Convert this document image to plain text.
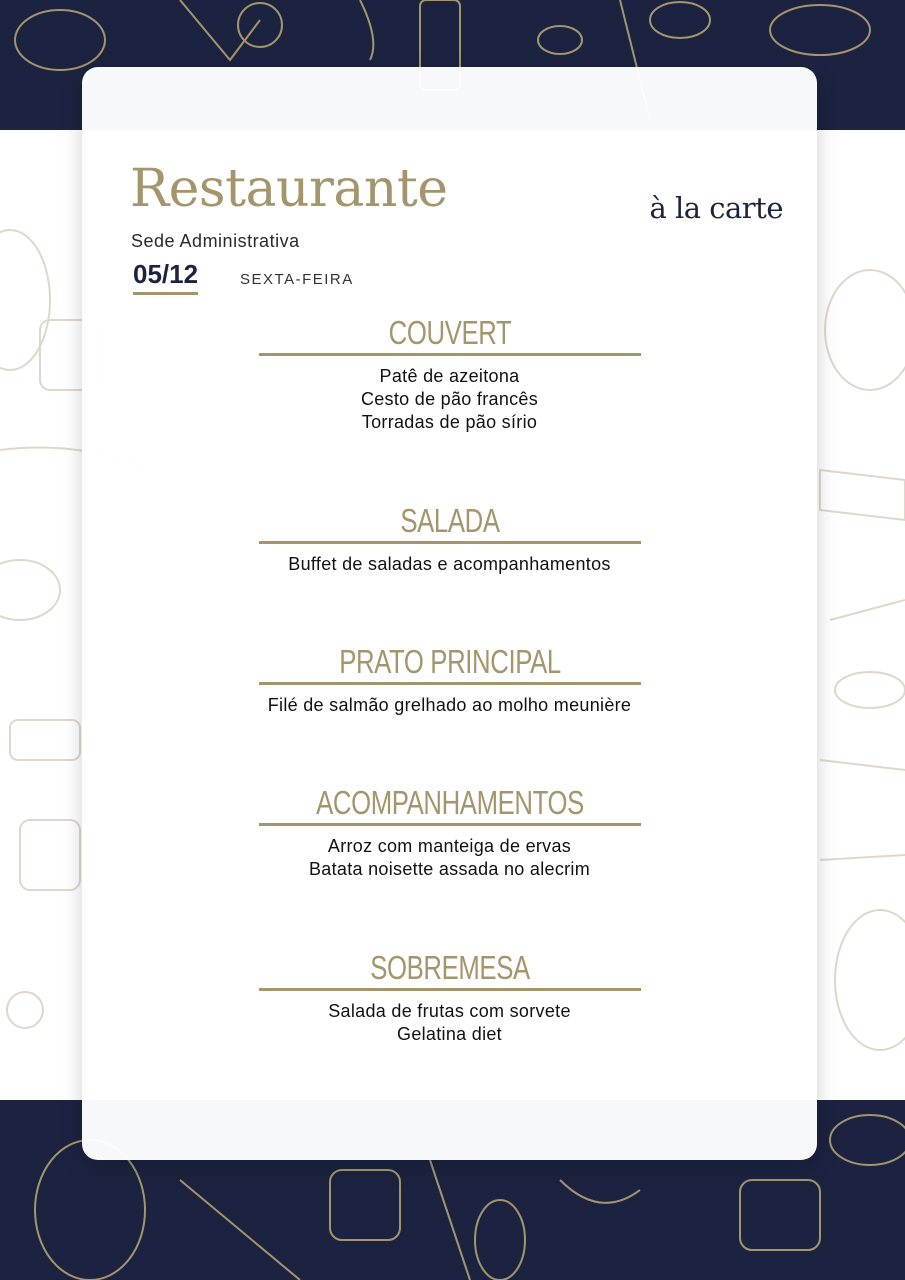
Restaurante
Sede Administrativa
05/12	SEXTA-FEIRA
à la carte
COUVERT
Patê de azeitona
Cesto de pão francês
Torradas de pão sírio
SALADA
Buffet de saladas e acompanhamentos
PRATO PRINCIPAL
Filé de salmão grelhado ao molho meunière
ACOMPANHAMENTOS
Arroz com manteiga de ervas
Batata noisette assada no alecrim
SOBREMESA
Salada de frutas com sorvete
Gelatina diet
